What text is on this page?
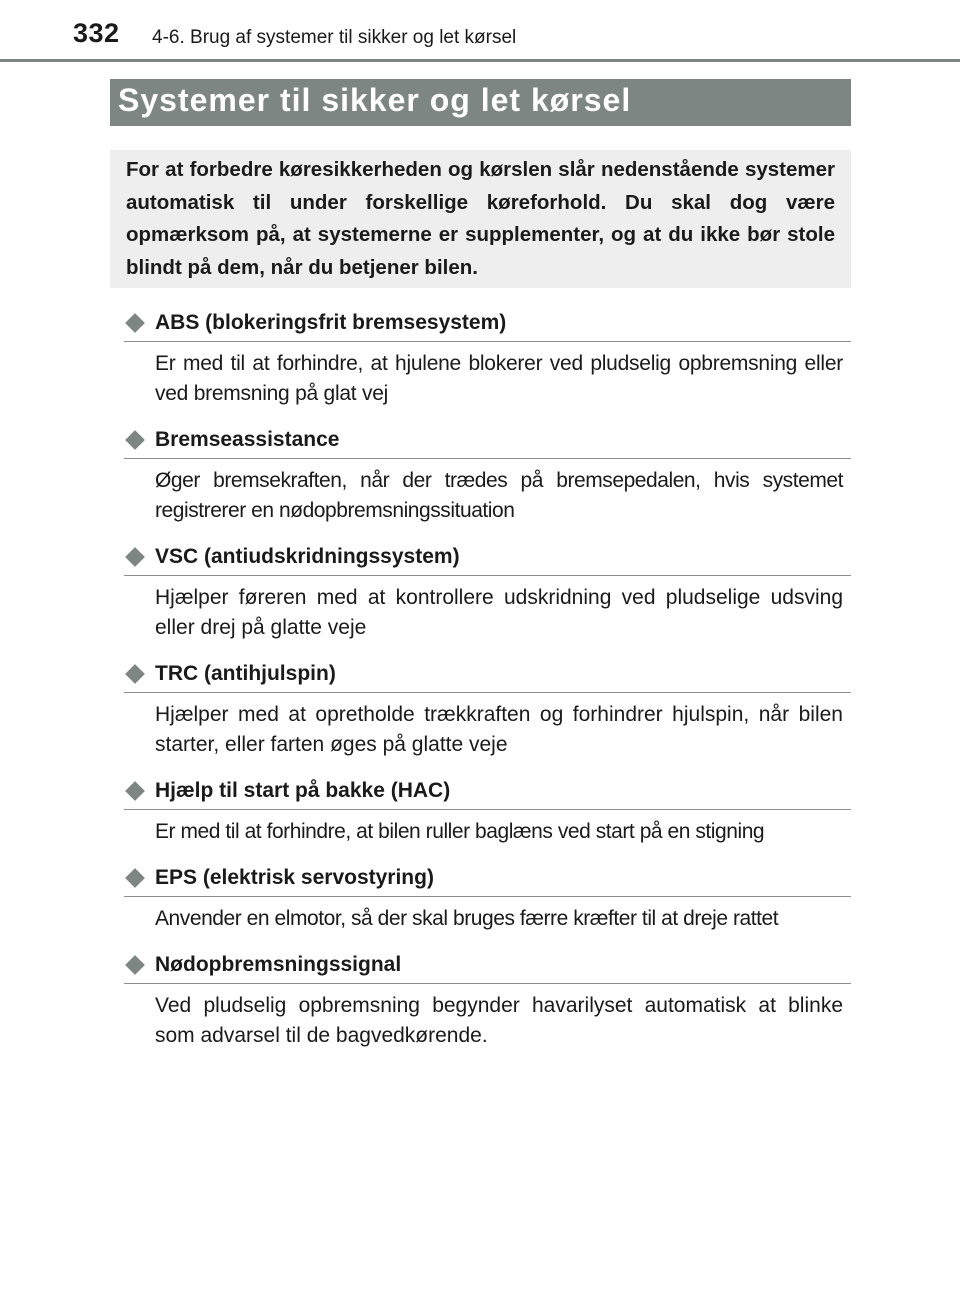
332 4-6. Brug af systemer til sikker og let kørsel
Systemer til sikker og let kørsel

For at forbedre køresikkerheden og kørslen slår nedenstående systemer automatisk til under forskellige køreforhold. Du skal dog være opmærksom på, at systemerne er supplementer, og at du ikke bør stole blindt på dem, når du betjener bilen.

ABS (blokeringsfrit bremsesystem)
Er med til at forhindre, at hjulene blokerer ved pludselig opbremsning eller ved bremsning på glat vej
Bremseassistance
Øger bremsekraften, når der trædes på bremsepedalen, hvis systemet registrerer en nødopbremsningssituation
VSC (antiudskridningssystem)
Hjælper føreren med at kontrollere udskridning ved pludselige udsving eller drej på glatte veje
TRC (antihjulspin)
Hjælper med at opretholde trækkraften og forhindrer hjulspin, når bilen starter, eller farten øges på glatte veje
Hjælp til start på bakke (HAC)
Er med til at forhindre, at bilen ruller baglæns ved start på en stigning
EPS (elektrisk servostyring)
Anvender en elmotor, så der skal bruges færre kræfter til at dreje rattet
Nødopbremsningssignal
Ved pludselig opbremsning begynder havarilyset automatisk at blinke som advarsel til de bagvedkørende.
